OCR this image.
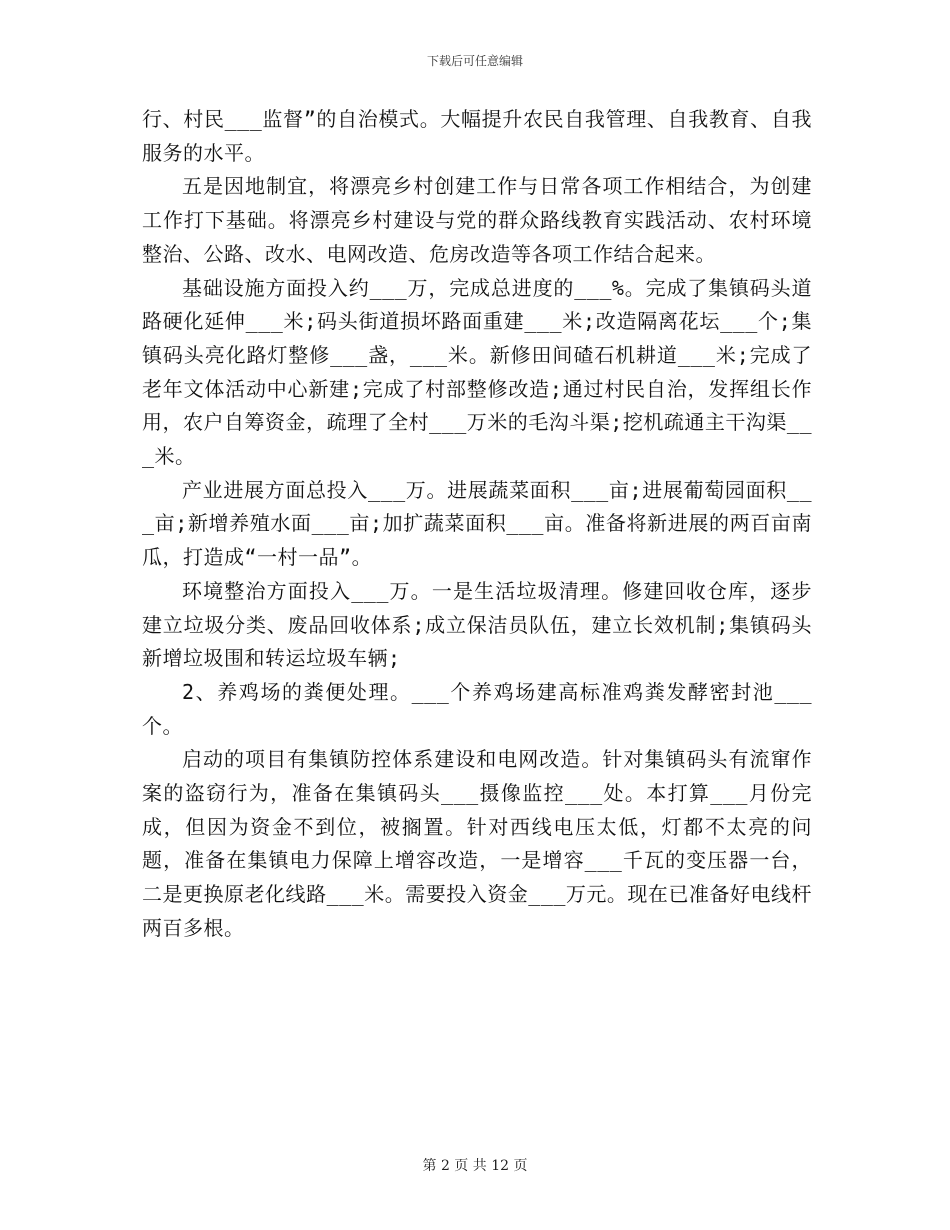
下载后可任意编辑

行、村民___监督”的自治模式。大幅提升农民自我管理、自我教育、自我服务的水平。

五是因地制宜，将漂亮乡村创建工作与日常各项工作相结合，为创建工作打下基础。将漂亮乡村建设与党的群众路线教育实践活动、农村环境整治、公路、改水、电网改造、危房改造等各项工作结合起来。

基础设施方面投入约___万，完成总进度的___%。完成了集镇码头道路硬化延伸___米;码头街道损坏路面重建___米;改造隔离花坛___个;集镇码头亮化路灯整修___盏，___米。新修田间碴石机耕道___米;完成了老年文体活动中心新建;完成了村部整修改造;通过村民自治，发挥组长作用，农户自筹资金，疏理了全村___万米的毛沟斗渠;挖机疏通主干沟渠___米。

产业进展方面总投入___万。进展蔬菜面积___亩;进展葡萄园面积___亩;新增养殖水面___亩;加扩蔬菜面积___亩。准备将新进展的两百亩南瓜，打造成“一村一品”。

环境整治方面投入___万。一是生活垃圾清理。修建回收仓库，逐步建立垃圾分类、废品回收体系;成立保洁员队伍，建立长效机制;集镇码头新增垃圾围和转运垃圾车辆;

2、养鸡场的粪便处理。___个养鸡场建高标准鸡粪发酵密封池___个。

启动的项目有集镇防控体系建设和电网改造。针对集镇码头有流窜作案的盗窃行为，准备在集镇码头___摄像监控___处。本打算___月份完成，但因为资金不到位，被搁置。针对西线电压太低，灯都不太亮的问题，准备在集镇电力保障上增容改造，一是增容___千瓦的变压器一台，二是更换原老化线路___米。需要投入资金___万元。现在已准备好电线杆两百多根。

第 2 页 共 12 页
